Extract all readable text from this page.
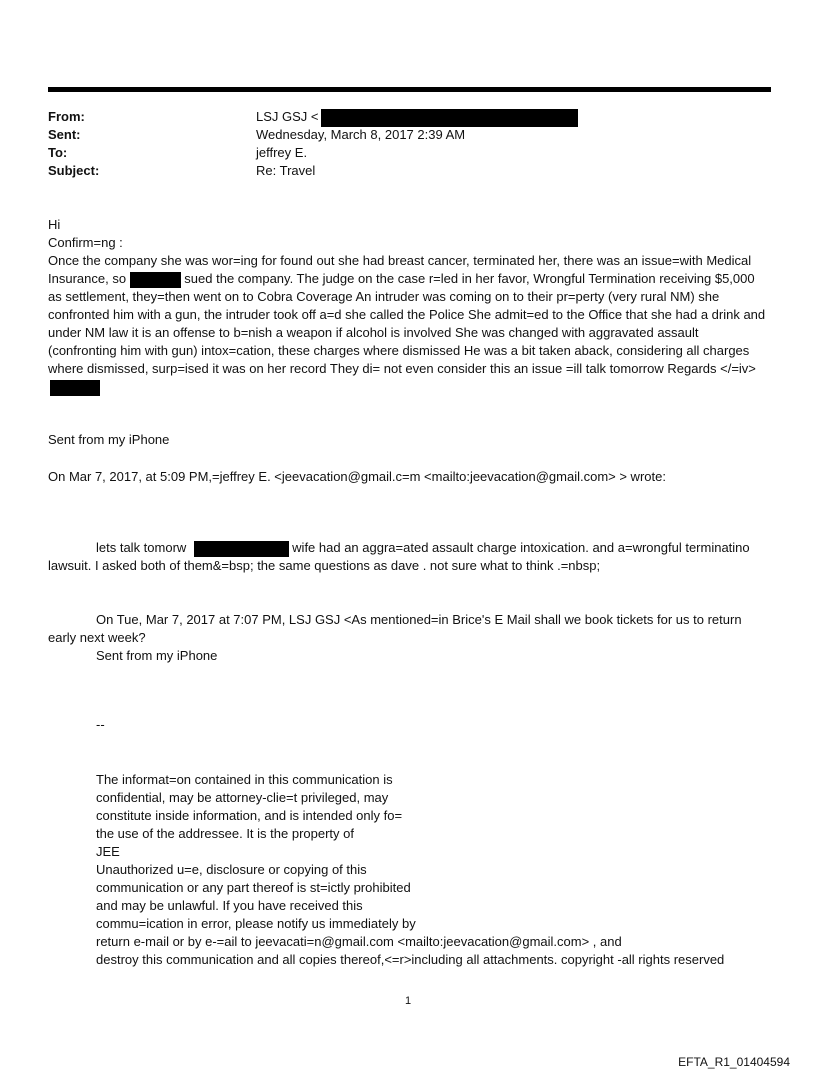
From:	LSJ GSJ <
Sent:	Wednesday, March 8, 2017 2:39 AM
To:	jeffrey E.
Subject:	Re: Travel

Hi

Confirm=ng :

Once the company she was wor=ing for found out she had breast cancer, terminated her, there was an issue=with Medical Insurance, so	sued the company. The judge on the case r=led in her favor, Wrongful Termination receiving $5,000 as settlement, they=then went on to Cobra Coverage An intruder was coming on to their pr=perty (very rural NM) she confronted him with a gun, the intruder took off a=d she called the Police She admit=ed to the Office that she had a drink and under NM law it is an offense to b=nish a weapon if alcohol is involved She was changed with aggravated assault (confronting him with gun) intox=cation, these charges where dismissed He was a bit taken aback, considering all charges where dismissed, surp=ised it was on her record They di= not even consider this an issue =ill talk tomorrow Regards </=iv>

Sent from my iPhone
On Mar 7, 2017, at 5:09 PM,=jeffrey E. <jeevacation@gmail.c=m <mailto:jeevacation@gmail.com> > wrote:
lets talk tomorw	wife had an aggra=ated assault charge intoxication. and a=wrongful terminatino lawsuit. I asked both of them&=bsp; the same questions as dave . not sure what to think .=nbsp;
On Tue, Mar 7, 2017 at 7:07 PM, LSJ GSJ <As mentioned=in Brice's E Mail shall we book tickets for us to return early next week?
Sent from my iPhone
--
The informat=on contained in this communication is
confidential, may be attorney-clie=t privileged, may
constitute inside information, and is intended only fo=
the use of the addressee. It is the property of
JEE
Unauthorized u=e, disclosure or copying of this
communication or any part thereof is st=ictly prohibited
and may be unlawful. If you have received this
commu=ication in error, please notify us immediately by
return e-mail or by e-=ail to jeevacati=n@gmail.com <mailto:jeevacation@gmail.com> , and
destroy this communication and all copies thereof,<=r>including all attachments. copyright -all rights reserved
1
EFTA_R1_01404594
